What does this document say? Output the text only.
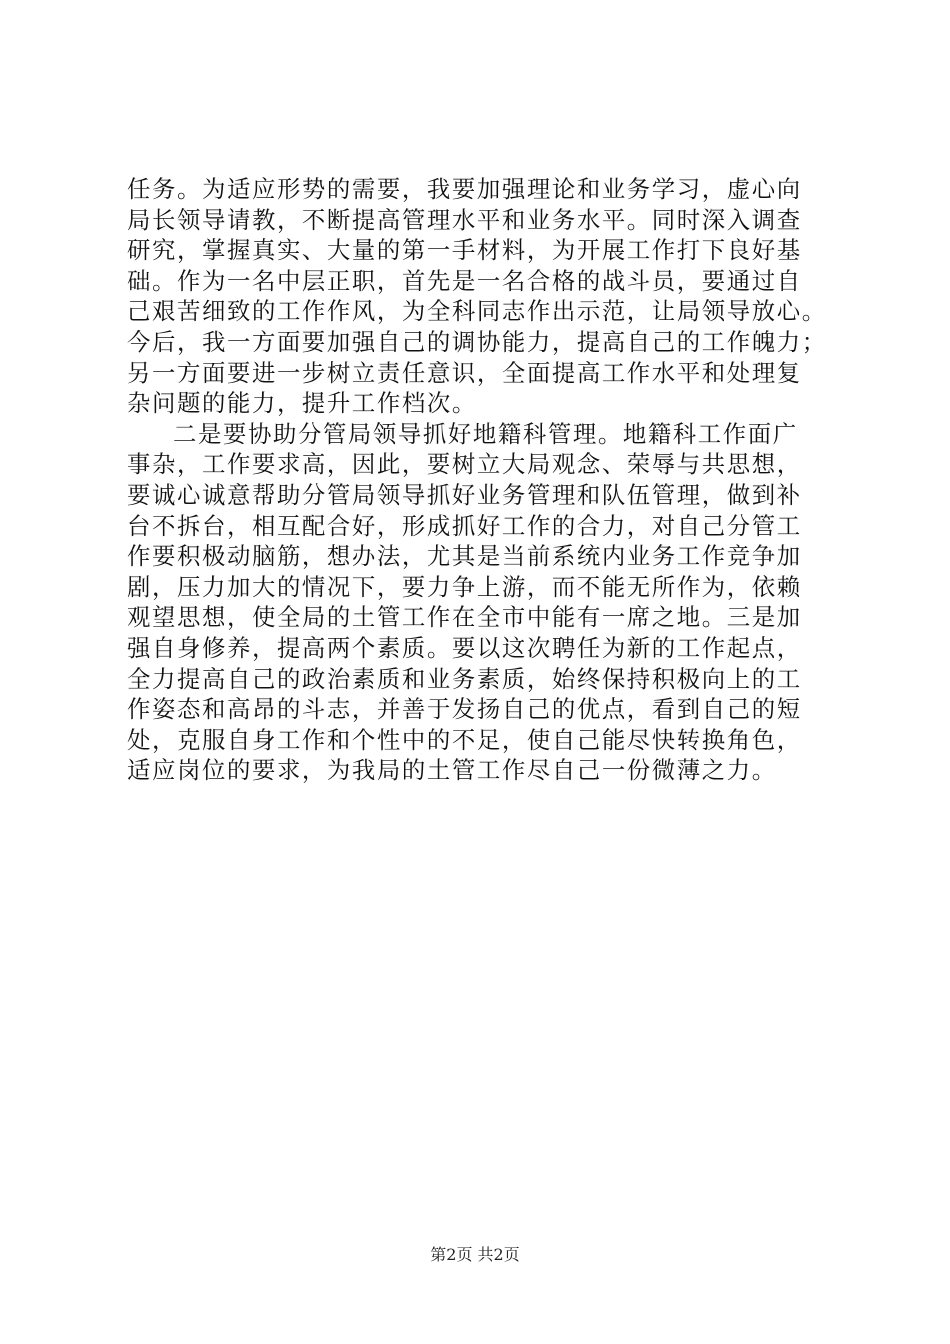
任务。为适应形势的需要，我要加强理论和业务学习，虚心向
局长领导请教，不断提高管理水平和业务水平。同时深入调查
研究，掌握真实、大量的第一手材料，为开展工作打下良好基
础。作为一名中层正职，首先是一名合格的战斗员，要通过自
己艰苦细致的工作作风，为全科同志作出示范，让局领导放心。
今后，我一方面要加强自己的调协能力，提高自己的工作魄力；
另一方面要进一步树立责任意识，全面提高工作水平和处理复
杂问题的能力，提升工作档次。
二是要协助分管局领导抓好地籍科管理。地籍科工作面广
事杂，工作要求高，因此，要树立大局观念、荣辱与共思想，
要诚心诚意帮助分管局领导抓好业务管理和队伍管理，做到补
台不拆台，相互配合好，形成抓好工作的合力，对自己分管工
作要积极动脑筋，想办法，尤其是当前系统内业务工作竞争加
剧，压力加大的情况下，要力争上游，而不能无所作为，依赖
观望思想，使全局的土管工作在全市中能有一席之地。三是加
强自身修养，提高两个素质。要以这次聘任为新的工作起点，
全力提高自己的政治素质和业务素质，始终保持积极向上的工
作姿态和高昂的斗志，并善于发扬自己的优点，看到自己的短
处，克服自身工作和个性中的不足，使自己能尽快转换角色，
适应岗位的要求，为我局的土管工作尽自己一份微薄之力。
第2页 共2页
